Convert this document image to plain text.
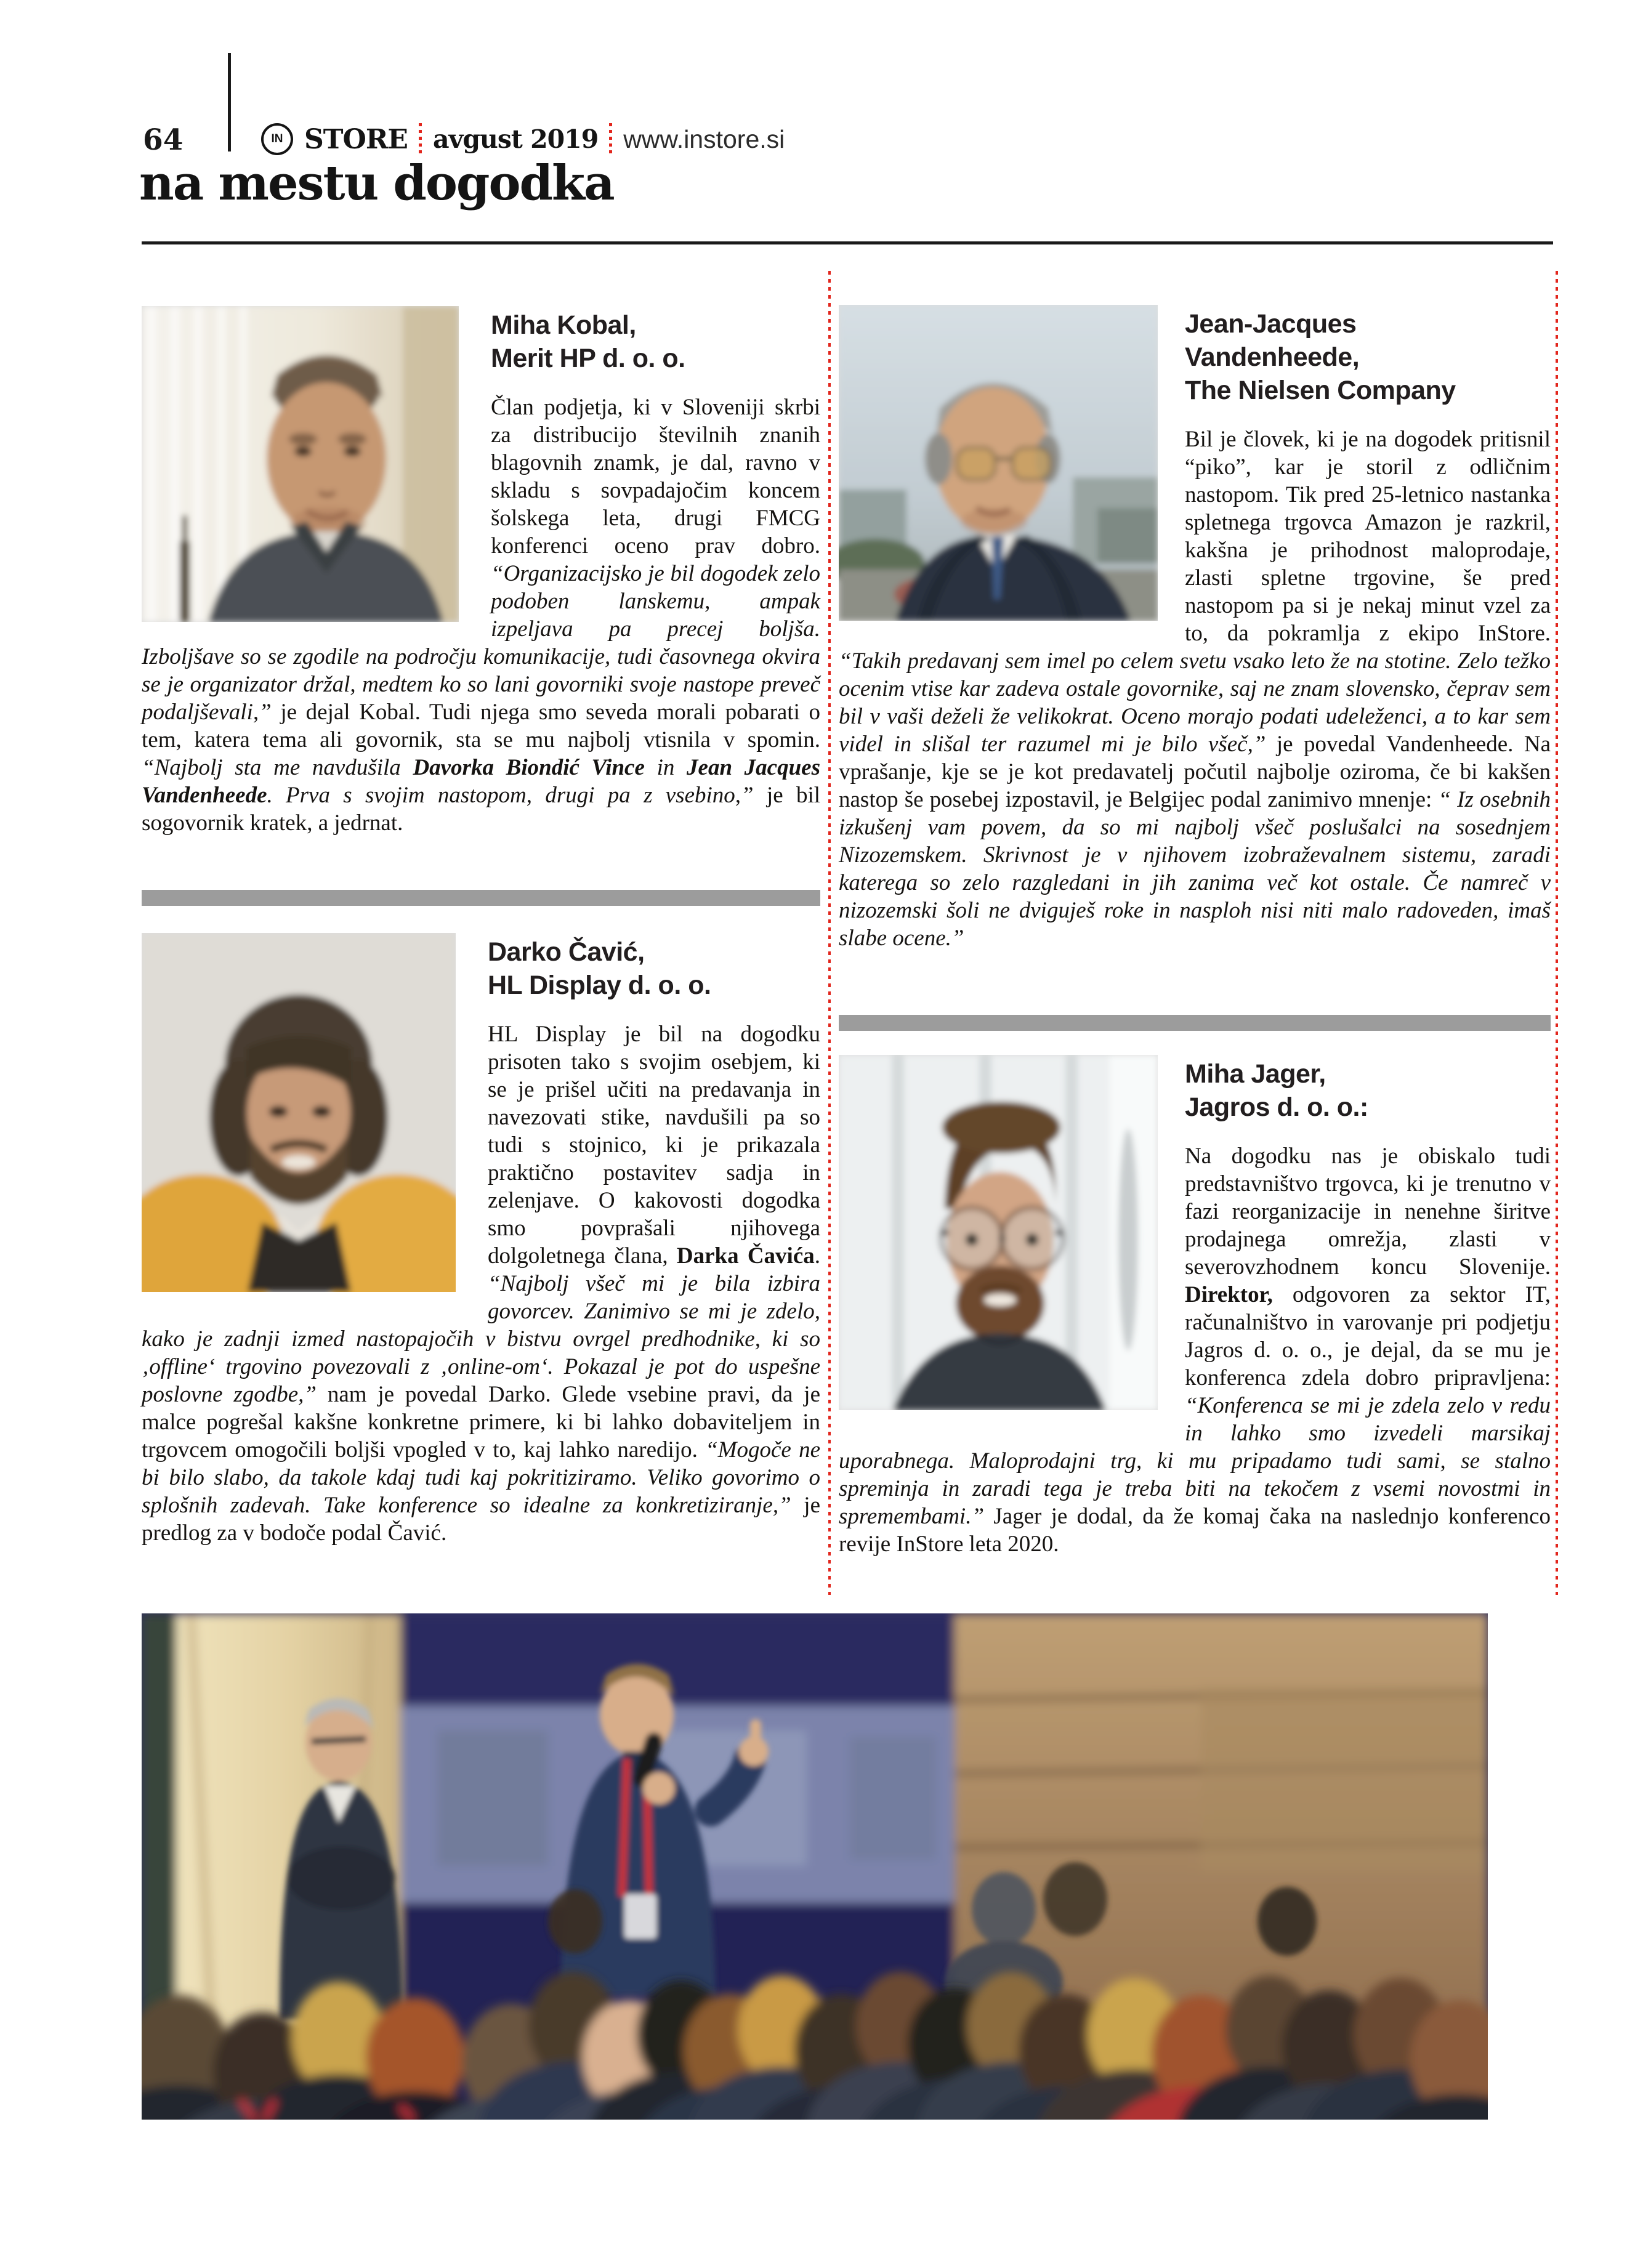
64	IN STORE avgust 2019 www.instore.si
na mestu dogodka
Miha Kobal,
Merit HP d. o. o.

Član podjetja, ki v Sloveniji skrbi za distribucijo številnih znanih blagovnih znamk, je dal, ravno v skladu s sovpadajočim koncem šolskega leta, drugi FMCG konferenci oceno prav dobro. “Organizacijsko je bil dogodek zelo podoben lanskemu, ampak izpeljava pa precej boljša. Izboljšave so se zgodile na področju komunikacije, tudi časovnega okvira se je organizator držal, medtem ko so lani govorniki svoje nastope preveč podaljševali,” je dejal Kobal. Tudi njega smo seveda morali pobarati o tem, katera tema ali govornik, sta se mu najbolj vtisnila v spomin. “Najbolj sta me navdušila Davorka Biondić Vince in Jean Jacques Vandenheede. Prva s svojim nastopom, drugi pa z vsebino,” je bil sogovornik kratek, a jedrnat.

Darko Čavić,
HL Display d. o. o.

HL Display je bil na dogodku prisoten tako s svojim osebjem, ki se je prišel učiti na predavanja in navezovati stike, navdušili pa so tudi s stojnico, ki je prikazala praktično postavitev sadja in zelenjave. O kakovosti dogodka smo povprašali njihovega dolgoletnega člana, Darka Čavića. “Najbolj všeč mi je bila izbira govorcev. Zanimivo se mi je zdelo, kako je zadnji izmed nastopajočih v bistvu ovrgel predhodnike, ki so ‚offline‘ trgovino povezovali z ‚online-om‘. Pokazal je pot do uspešne poslovne zgodbe,” nam je povedal Darko. Glede vsebine pravi, da je malce pogrešal kakšne konkretne primere, ki bi lahko dobaviteljem in trgovcem omogočili boljši vpogled v to, kaj lahko naredijo. “Mogoče ne bi bilo slabo, da takole kdaj tudi kaj pokritiziramo. Veliko govorimo o splošnih zadevah. Take konference so idealne za konkretiziranje,” je predlog za v bodoče podal Čavić.

Jean-Jacques
Vandenheede,
The Nielsen Company

Bil je človek, ki je na dogodek pritisnil “piko”, kar je storil z odličnim nastopom. Tik pred 25-letnico nastanka spletnega trgovca Amazon je razkril, kakšna je prihodnost maloprodaje, zlasti spletne trgovine, še pred nastopom pa si je nekaj minut vzel za to, da pokramlja z ekipo InStore. “Takih predavanj sem imel po celem svetu vsako leto že na stotine. Zelo težko ocenim vtise kar zadeva ostale govornike, saj ne znam slovensko, čeprav sem bil v vaši deželi že velikokrat. Oceno morajo podati udeleženci, a to kar sem videl in slišal ter razumel mi je bilo všeč,” je povedal Vandenheede. Na vprašanje, kje se je kot predavatelj počutil najbolje oziroma, če bi kakšen nastop še posebej izpostavil, je Belgijec podal zanimivo mnenje: “ Iz osebnih izkušenj vam povem, da so mi najbolj všeč poslušalci na sosednjem Nizozemskem. Skrivnost je v njihovem izobraževalnem sistemu, zaradi katerega so zelo razgledani in jih zanima več kot ostale. Če namreč v nizozemski šoli ne dviguješ roke in nasploh nisi niti malo radoveden, imaš slabe ocene.”

Miha Jager,
Jagros d. o. o.:

Na dogodku nas je obiskalo tudi predstavništvo trgovca, ki je trenutno v fazi reorganizacije in nenehne širitve prodajnega omrežja, zlasti v severovzhodnem koncu Slovenije. Direktor, odgovoren za sektor IT, računalništvo in varovanje pri podjetju Jagros d. o. o., je dejal, da se mu je konferenca zdela dobro pripravljena: “Konferenca se mi je zdela zelo v redu in lahko smo izvedeli marsikaj uporabnega. Maloprodajni trg, ki mu pripadamo tudi sami, se stalno spreminja in zaradi tega je treba biti na tekočem z vsemi novostmi in spremembami.” Jager je dodal, da že komaj čaka na naslednjo konferenco revije InStore leta 2020.
